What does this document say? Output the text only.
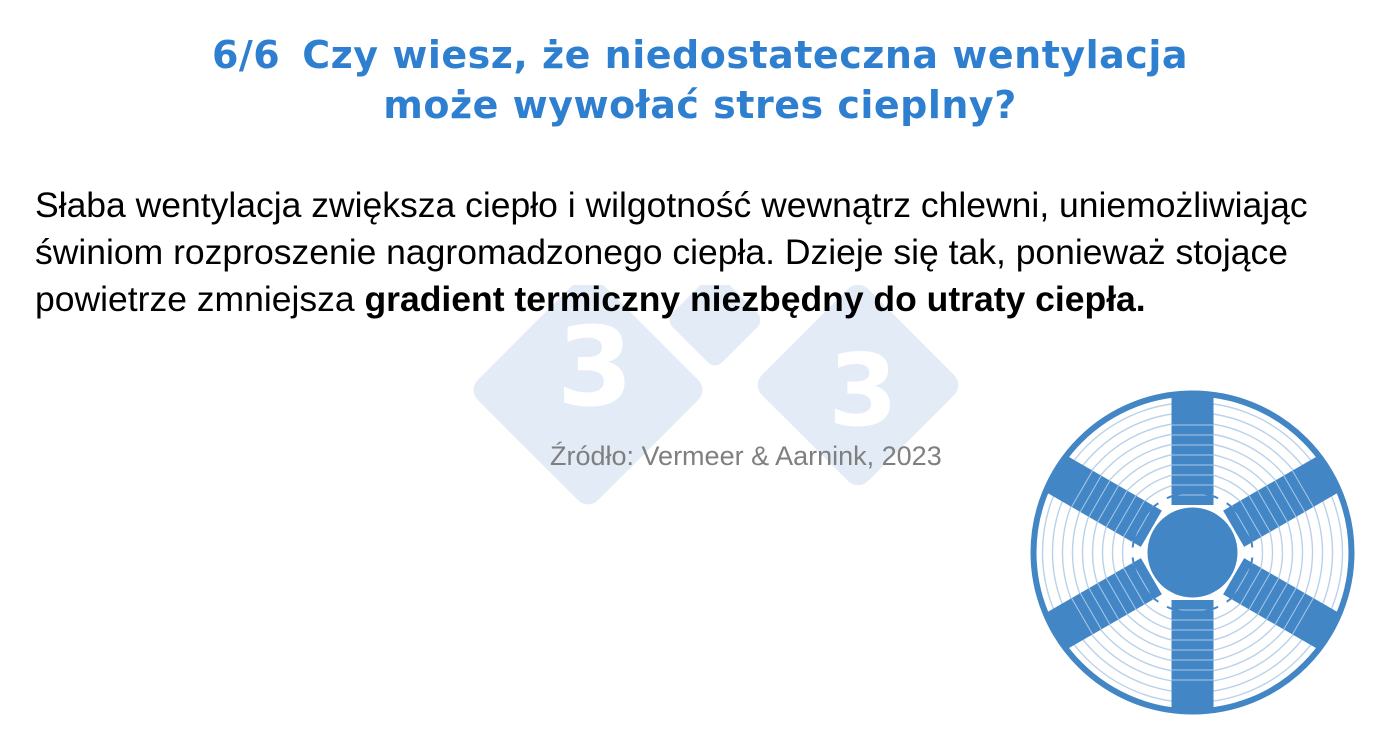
3 3
6/6 Czy wiesz, że niedostateczna wentylacja
może wywołać stres cieplny?
Słaba wentylacja zwiększa ciepło i wilgotność wewnątrz chlewni, uniemożliwiając świniom rozproszenie nagromadzonego ciepła. Dzieje się tak, ponieważ stojące powietrze zmniejsza gradient termiczny niezbędny do utraty ciepła.
Źródło: Vermeer & Aarnink, 2023
